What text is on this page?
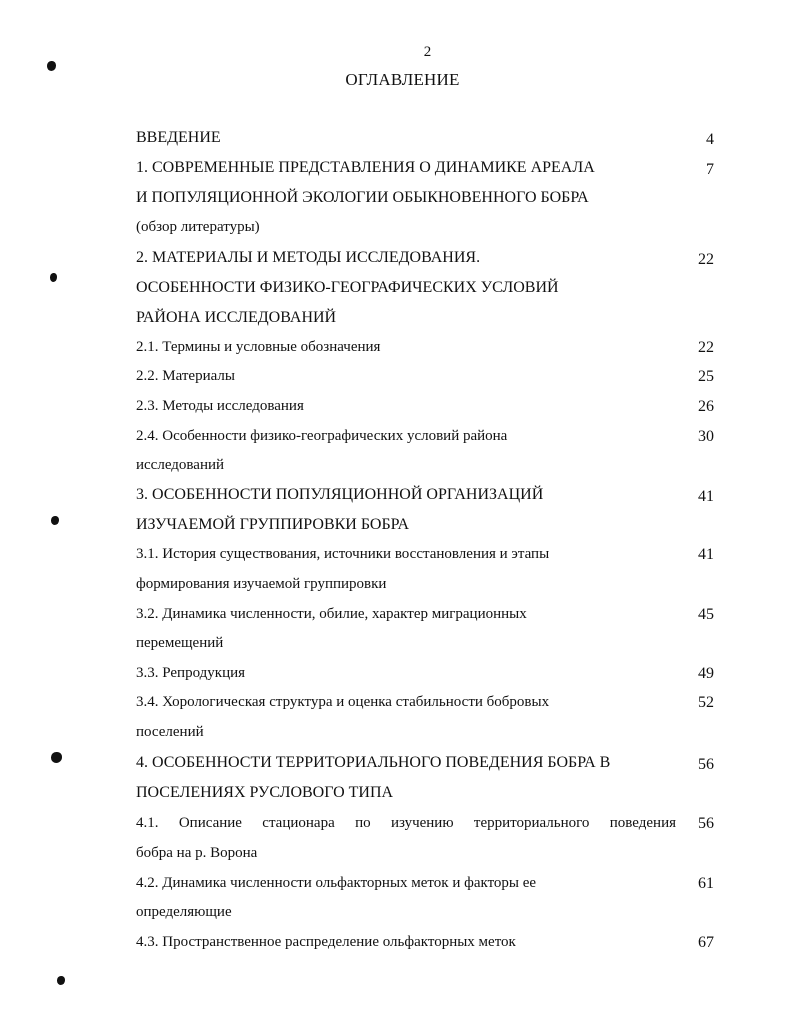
2
ОГЛАВЛЕНИЕ
ВВЕДЕНИЕ
1. СОВРЕМЕННЫЕ ПРЕДСТАВЛЕНИЯ О ДИНАМИКЕ АРЕАЛА
И ПОПУЛЯЦИОННОЙ ЭКОЛОГИИ ОБЫКНОВЕННОГО БОБРА
(обзор литературы)
2. МАТЕРИАЛЫ И МЕТОДЫ ИССЛЕДОВАНИЯ.
ОСОБЕННОСТИ ФИЗИКО-ГЕОГРАФИЧЕСКИХ УСЛОВИЙ
РАЙОНА ИССЛЕДОВАНИЙ
2.1. Термины и условные обозначения
2.2. Материалы
2.3. Методы исследования
2.4. Особенности физико-географических условий района
исследований
3. ОСОБЕННОСТИ ПОПУЛЯЦИОННОЙ ОРГАНИЗАЦИЙ
ИЗУЧАЕМОЙ ГРУППИРОВКИ БОБРА
3.1. История существования, источники восстановления и этапы
формирования изучаемой группировки
3.2. Динамика численности, обилие, характер миграционных
перемещений
3.3. Репродукция
3.4. Хорологическая структура и оценка стабильности бобровых
поселений
4. ОСОБЕННОСТИ ТЕРРИТОРИАЛЬНОГО ПОВЕДЕНИЯ БОБРА В
ПОСЕЛЕНИЯХ РУСЛОВОГО ТИПА
4.1. Описание стационара по изучению территориального поведения
бобра на р. Ворона
4.2. Динамика численности ольфакторных меток и факторы ее
определяющие
4.3. Пространственное распределение ольфакторных меток
4
7
22
22
25
26
30
41
41
45
49
52
56
56
61
67
